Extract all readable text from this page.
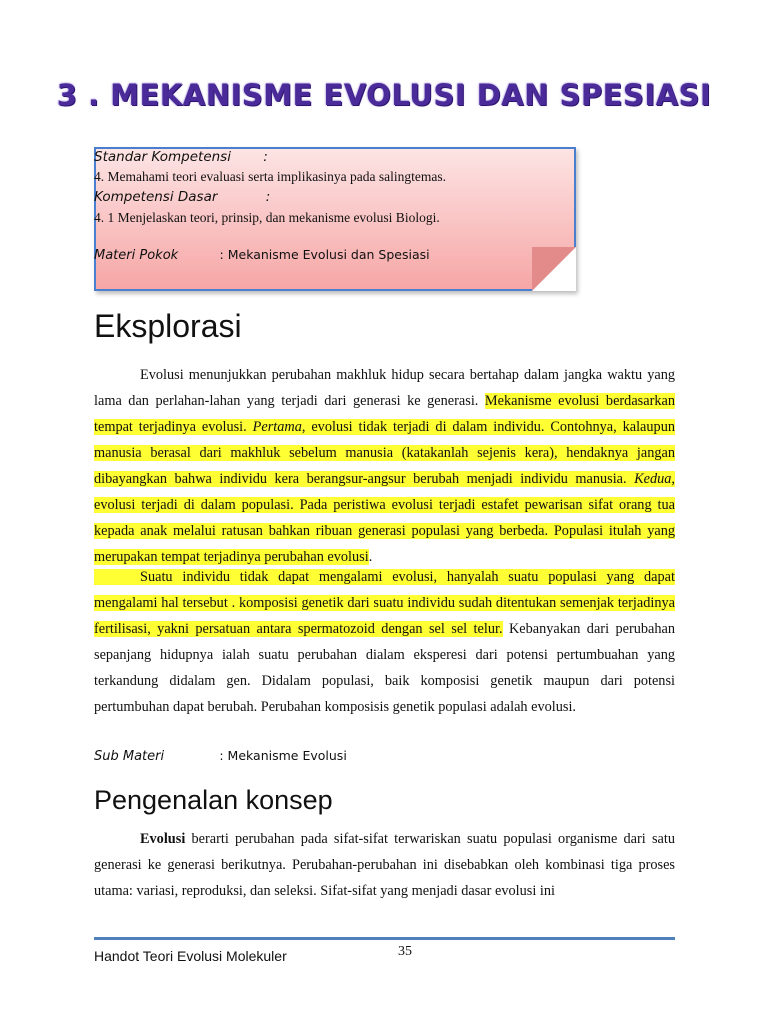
3 . MEKANISME EVOLUSI DAN SPESIASI
Standar Kompetensi :
4. Memahami teori evaluasi serta implikasinya pada salingtemas.
Kompetensi Dasar	:
4. 1 Menjelaskan teori, prinsip, dan mekanisme evolusi Biologi.
Materi Pokok	: Mekanisme Evolusi dan Spesiasi
Eksplorasi

Evolusi menunjukkan perubahan makhluk hidup secara bertahap dalam jangka waktu yang lama dan perlahan-lahan yang terjadi dari generasi ke generasi. Mekanisme evolusi berdasarkan tempat terjadinya evolusi. Pertama, evolusi tidak terjadi di dalam individu. Contohnya, kalaupun manusia berasal dari makhluk sebelum manusia (katakanlah sejenis kera), hendaknya jangan dibayangkan bahwa individu kera berangsur-angsur berubah menjadi individu manusia. Kedua, evolusi terjadi di dalam populasi. Pada peristiwa evolusi terjadi estafet pewarisan sifat orang tua kepada anak melalui ratusan bahkan ribuan generasi populasi yang berbeda. Populasi itulah yang merupakan tempat terjadinya perubahan evolusi.

Suatu individu tidak dapat mengalami evolusi, hanyalah suatu populasi yang dapat mengalami hal tersebut . komposisi genetik dari suatu individu sudah ditentukan semenjak terjadinya fertilisasi, yakni persatuan antara spermatozoid dengan sel sel telur. Kebanyakan dari perubahan sepanjang hidupnya ialah suatu perubahan dialam eksperesi dari potensi pertumbuahan yang terkandung didalam gen. Didalam populasi, baik komposisi genetik maupun dari potensi pertumbuhan dapat berubah. Perubahan komposisis genetik populasi adalah evolusi.

Sub Materi	: Mekanisme Evolusi
Pengenalan konsep

Evolusi berarti perubahan pada sifat-sifat terwariskan suatu populasi organisme dari satu generasi ke generasi berikutnya. Perubahan-perubahan ini disebabkan oleh kombinasi tiga proses utama: variasi, reproduksi, dan seleksi. Sifat-sifat yang menjadi dasar evolusi ini

Handot Teori Evolusi Molekuler	35
